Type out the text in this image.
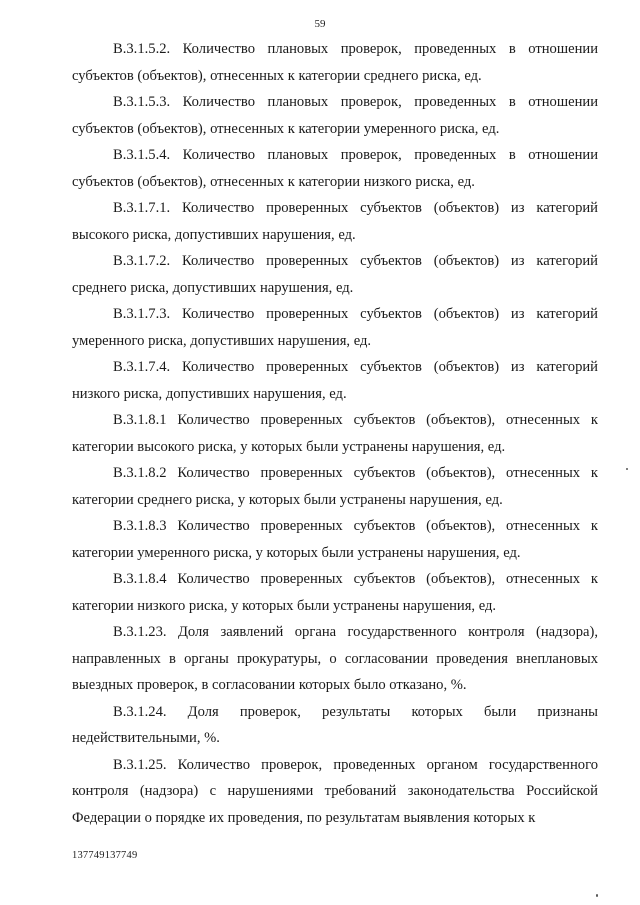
59

В.3.1.5.2. Количество плановых проверок, проведенных в отношении субъектов (объектов), отнесенных к категории среднего риска, ед.

В.3.1.5.3. Количество плановых проверок, проведенных в отношении субъектов (объектов), отнесенных к категории умеренного риска, ед.

В.3.1.5.4. Количество плановых проверок, проведенных в отношении субъектов (объектов), отнесенных к категории низкого риска, ед.

В.3.1.7.1. Количество проверенных субъектов (объектов) из категорий высокого риска, допустивших нарушения, ед.

В.3.1.7.2. Количество проверенных субъектов (объектов) из категорий среднего риска, допустивших нарушения, ед.

В.3.1.7.3. Количество проверенных субъектов (объектов) из категорий умеренного риска, допустивших нарушения, ед.

В.3.1.7.4. Количество проверенных субъектов (объектов) из категорий низкого риска, допустивших нарушения, ед.

В.3.1.8.1 Количество проверенных субъектов (объектов), отнесенных к категории высокого риска, у которых были устранены нарушения, ед.

В.3.1.8.2 Количество проверенных субъектов (объектов), отнесенных к категории среднего риска, у которых были устранены нарушения, ед.

В.3.1.8.3 Количество проверенных субъектов (объектов), отнесенных к категории умеренного риска, у которых были устранены нарушения, ед.

В.3.1.8.4 Количество проверенных субъектов (объектов), отнесенных к категории низкого риска, у которых были устранены нарушения, ед.

В.3.1.23. Доля заявлений органа государственного контроля (надзора), направленных в органы прокуратуры, о согласовании проведения внеплановых выездных проверок, в согласовании которых было отказано, %.

В.3.1.24. Доля проверок, результаты которых были признаны недействительными, %.

В.3.1.25. Количество проверок, проведенных органом государственного контроля (надзора) с нарушениями требований законодательства Российской Федерации о порядке их проведения, по результатам выявления которых к

137749137749
